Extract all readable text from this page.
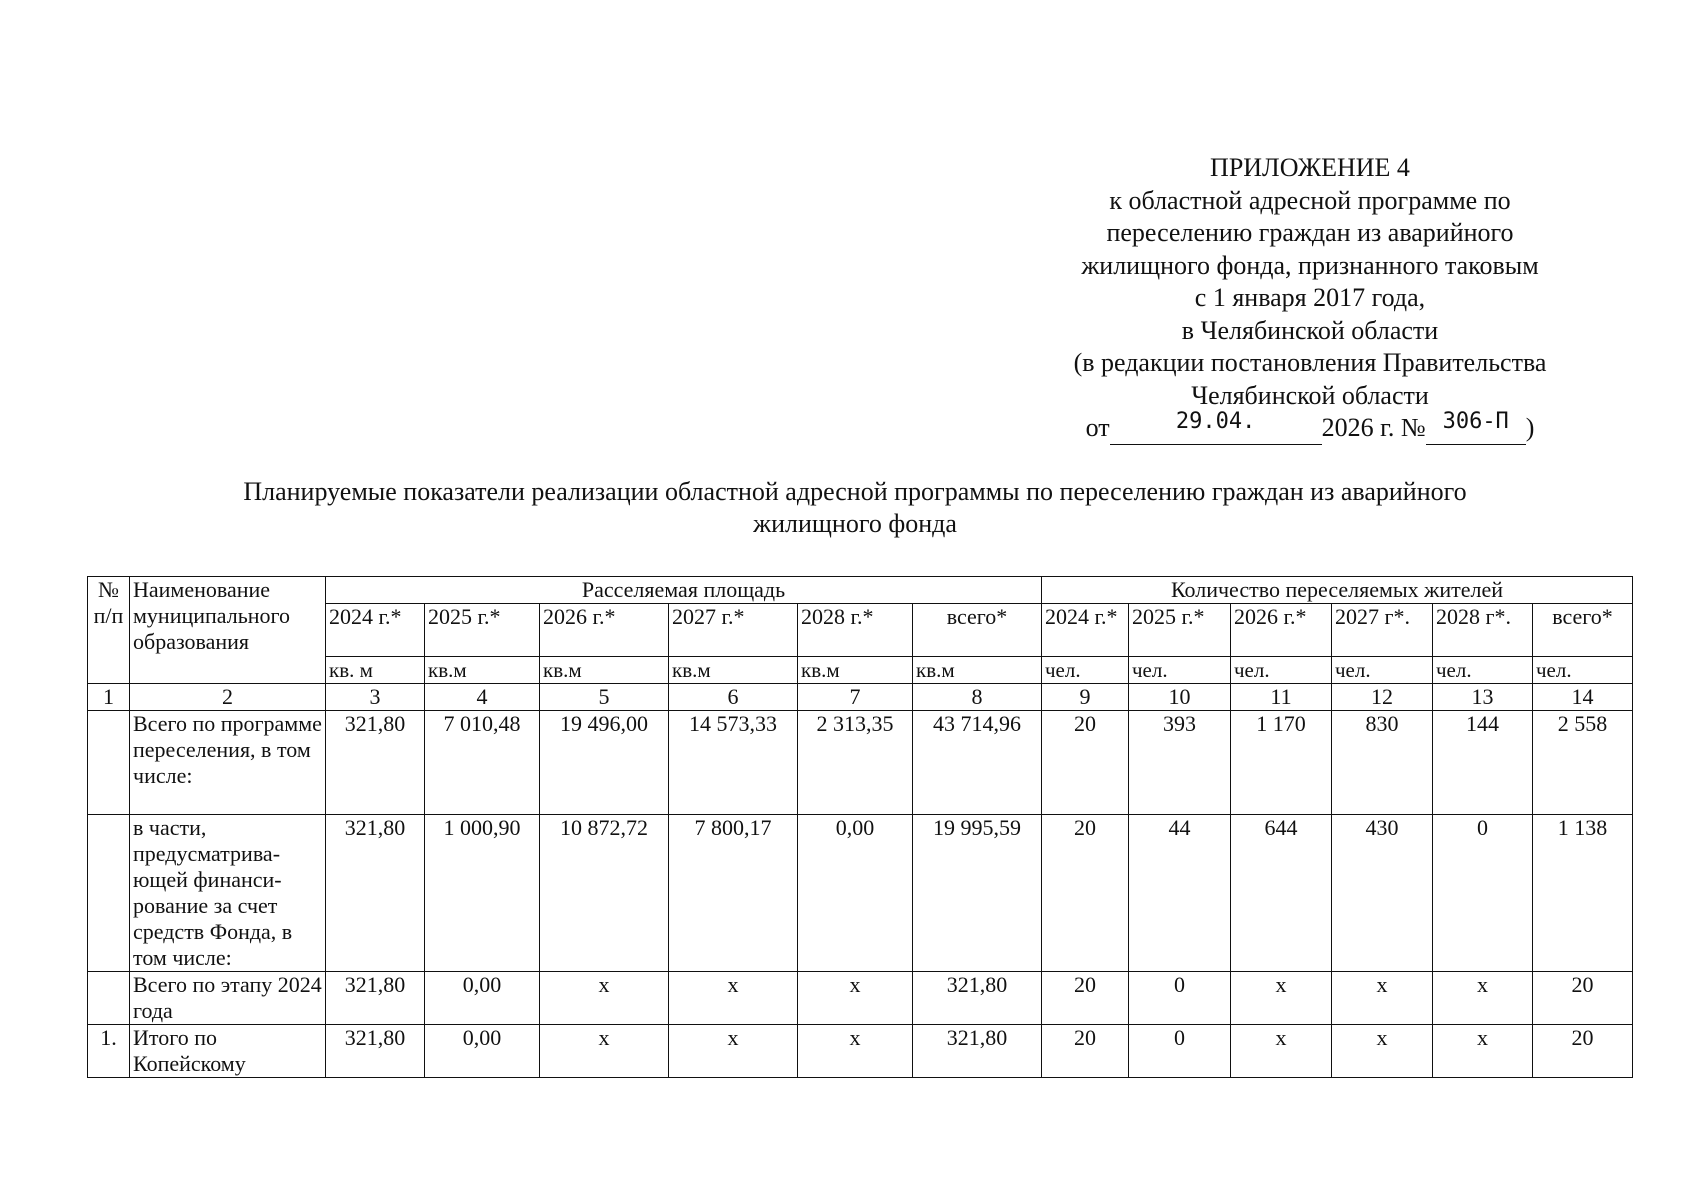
ПРИЛОЖЕНИЕ 4
к областной адресной программе по
переселению граждан из аварийного
жилищного фонда, признанного таковым
с 1 января 2017 года,
в Челябинской области
(в редакции постановления Правительства
Челябинской области
от	$^{29.04.}$	2026 г. № $^{306-П}$ )
Планируемые показатели реализации областной адресной программы по переселению граждан из аварийного
жилищного фонда
№ п/п	Наименование муниципального образования	Расселяемая площадь						Количество переселяемых жителей					
		2024 г.*	2025 г.*	2026 г.*	2027 г.*	2028 г.*	всего*	2024 г.*	2025 г.*	2026 г.*	2027 г*.	2028 г*.	всего*
		кв. м	кв.м	кв.м	кв.м	кв.м	кв.м	чел.	чел.	чел.	чел.	чел.	чел.
1	2	3	4	5	6	7	8	9	10	11	12	13	14
	Всего по программе переселения, в том числе:	321,80	7 010,48	19 496,00	14 573,33	2 313,35	43 714,96	20	393	1 170	830	144	2 558
	в части, предусматрива-ющей финанси-рование за счет средств Фонда, в том числе:	321,80	1 000,90	10 872,72	7 800,17	0,00	19 995,59	20	44	644	430	0	1 138
	Всего по этапу 2024 года	321,80	0,00	х	х	х	321,80	20	0	х	х	х	20
1.	Итого по Копейскому	321,80	0,00	х	х	х	321,80	20	0	х	х	х	20
